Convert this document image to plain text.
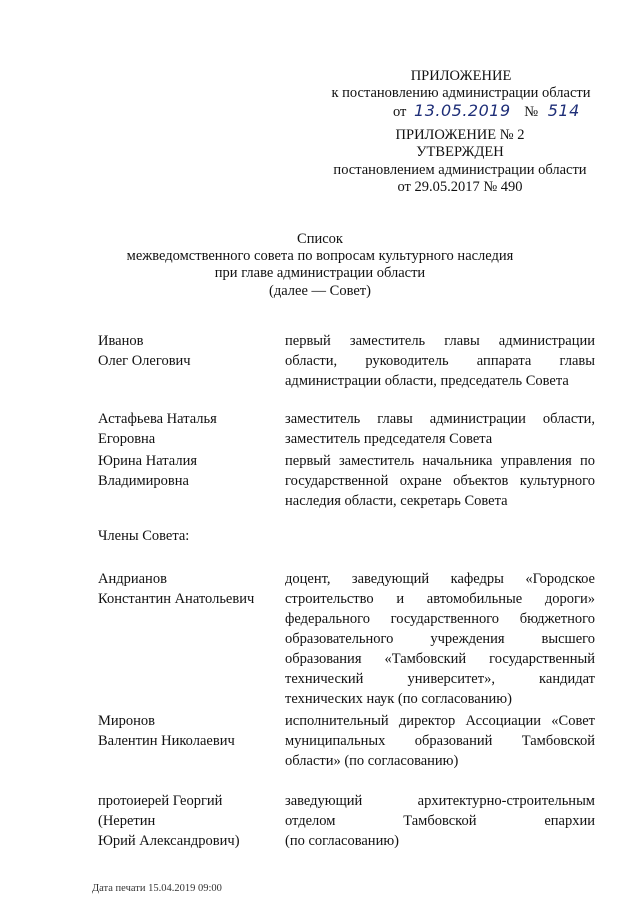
ПРИЛОЖЕНИЕ
к постановлению администрации области
от 13.05.2019 № 514
ПРИЛОЖЕНИЕ № 2
УТВЕРЖДЕН
постановлением администрации области
от 29.05.2017 № 490
Список
межведомственного совета по вопросам культурного наследия
при главе администрации области
(далее — Совет)
Иванов
Олег Олегович
первый заместитель главы администрации
области, руководитель аппарата главы
администрации области, председатель Совета
Астафьева Наталья
Егоровна
заместитель главы администрации области,
заместитель председателя Совета
Юрина Наталия
Владимировна
первый заместитель начальника управления по
государственной охране объектов культурного
наследия области, секретарь Совета
Члены Совета:
Андрианов
Константин Анатольевич
доцент, заведующий кафедры «Городское
строительство и автомобильные дороги»
федерального государственного бюджетного
образовательного учреждения высшего
образования «Тамбовский государственный
технический университет», кандидат
технических наук (по согласованию)
Миронов
Валентин Николаевич
исполнительный директор Ассоциации «Совет
муниципальных образований Тамбовской
области» (по согласованию)
протоиерей Георгий
(Неретин
Юрий Александрович)
заведующий архитектурно-строительным
отделом Тамбовской епархии
(по согласованию)
Дата печати 15.04.2019 09:00
